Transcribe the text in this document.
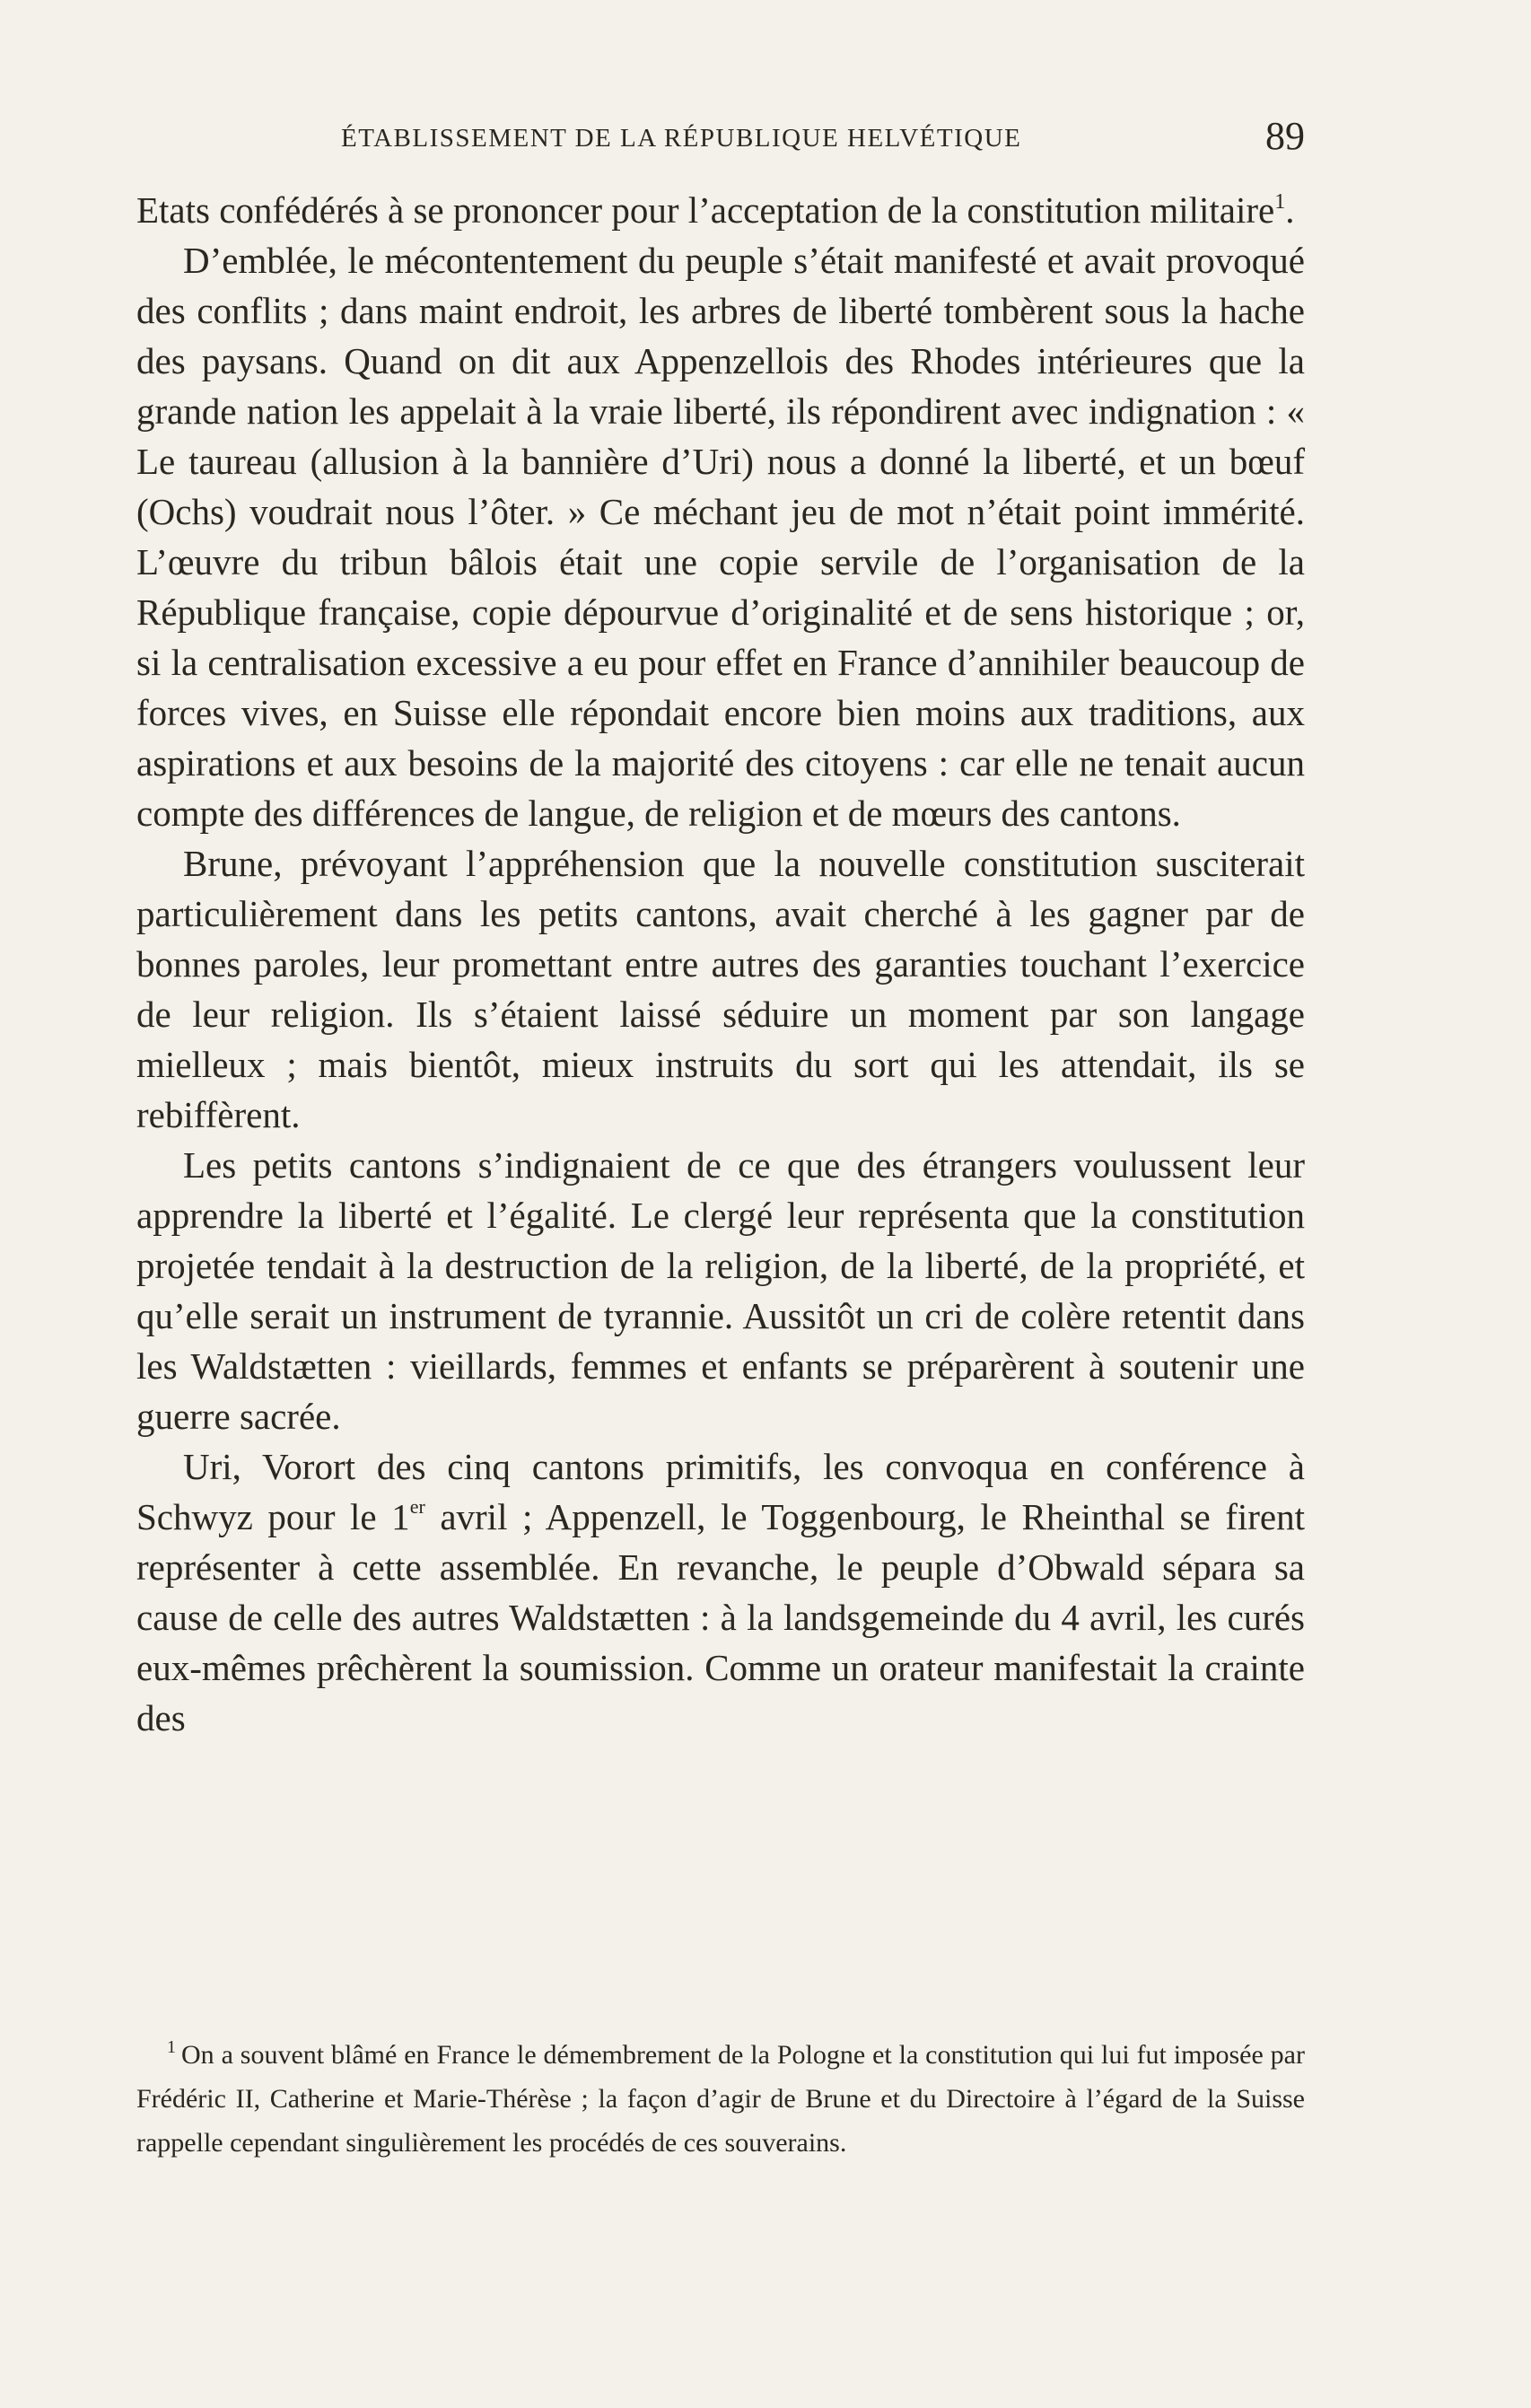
ÉTABLISSEMENT DE LA RÉPUBLIQUE HELVÉTIQUE	89

Etats confédérés à se prononcer pour l’acceptation de la constitution militaire$^1$.

D’emblée, le mécontentement du peuple s’était manifesté et avait provoqué des conflits ; dans maint endroit, les arbres de liberté tombèrent sous la hache des paysans. Quand on dit aux Appenzellois des Rhodes intérieures que la grande nation les appelait à la vraie liberté, ils répondirent avec indignation : « Le taureau (allusion à la bannière d’Uri) nous a donné la liberté, et un bœuf (Ochs) voudrait nous l’ôter. » Ce méchant jeu de mot n’était point immérité. L’œuvre du tribun bâlois était une copie servile de l’organisation de la République française, copie dépourvue d’originalité et de sens historique ; or, si la centralisation excessive a eu pour effet en France d’annihiler beaucoup de forces vives, en Suisse elle répondait encore bien moins aux traditions, aux aspirations et aux besoins de la majorité des citoyens : car elle ne tenait aucun compte des différences de langue, de religion et de mœurs des cantons.

Brune, prévoyant l’appréhension que la nouvelle constitution susciterait particulièrement dans les petits cantons, avait cherché à les gagner par de bonnes paroles, leur promettant entre autres des garanties touchant l’exercice de leur religion. Ils s’étaient laissé séduire un moment par son langage mielleux ; mais bientôt, mieux instruits du sort qui les attendait, ils se rebiffèrent.

Les petits cantons s’indignaient de ce que des étrangers voulussent leur apprendre la liberté et l’égalité. Le clergé leur représenta que la constitution projetée tendait à la destruction de la religion, de la liberté, de la propriété, et qu’elle serait un instrument de tyrannie. Aussitôt un cri de colère retentit dans les Waldstætten : vieillards, femmes et enfants se préparèrent à soutenir une guerre sacrée.

Uri, Vorort des cinq cantons primitifs, les convoqua en conférence à Schwyz pour le 1er avril ; Appenzell, le Toggenbourg, le Rheinthal se firent représenter à cette assemblée. En revanche, le peuple d’Obwald sépara sa cause de celle des autres Waldstætten : à la landsgemeinde du 4 avril, les curés eux-mêmes prêchèrent la soumission. Comme un orateur manifestait la crainte des

$^1$ On a souvent blâmé en France le démembrement de la Pologne et la constitution qui lui fut imposée par Frédéric II, Catherine et Marie-Thérèse ; la façon d’agir de Brune et du Directoire à l’égard de la Suisse rappelle cependant singulièrement les procédés de ces souverains.
